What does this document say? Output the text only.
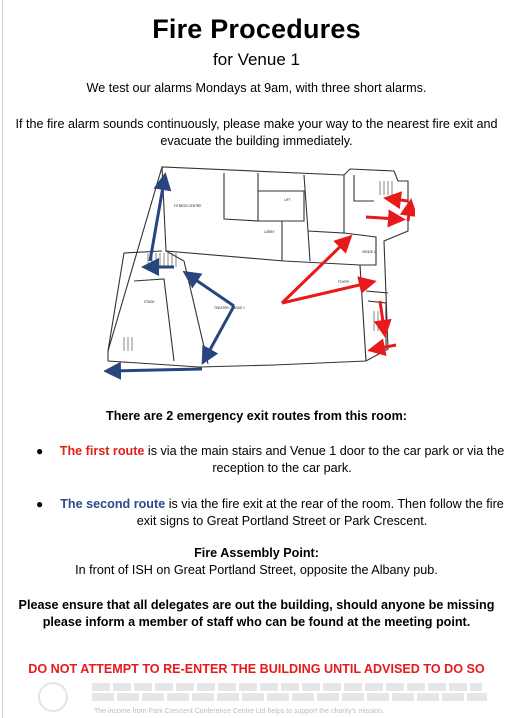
Fire Procedures
for Venue 1
We test our alarms Mondays at 9am, with three short alarms.
If the fire alarm sounds continuously, please make your way to the nearest fire exit and evacuate the building immediately.
FITNESS CENTRE
LOBBY
VENUE 1
FOYER
STAGE
THEATRE / VENUE 1
LIFT
There are 2 emergency exit routes from this room:
● The first route is via the main stairs and Venue 1 door to the car park or via the reception to the car park.
● The second route is via the fire exit at the rear of the room. Then follow the fire exit signs to Great Portland Street or Park Crescent.
Fire Assembly Point:
In front of ISH on Great Portland Street, opposite the Albany pub.
Please ensure that all delegates are out the building, should anyone be missing please inform a member of staff who can be found at the meeting point.
DO NOT ATTEMPT TO RE-ENTER THE BUILDING UNTIL ADVISED TO DO SO
The income from Park Crescent Conference Centre Ltd helps to support the charity's mission.
